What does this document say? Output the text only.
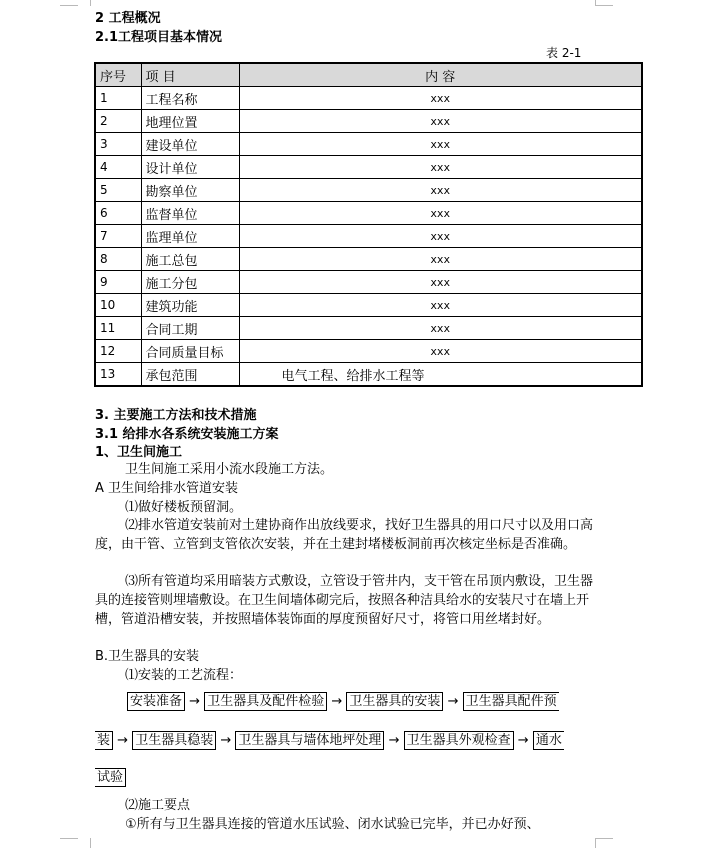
2 工程概况
2.1工程项目基本情况
表 2-1
序号	项 目	内 容
1	工程名称	xxx
2	地理位置	xxx
3	建设单位	xxx
4	设计单位	xxx
5	勘察单位	xxx
6	监督单位	xxx
7	监理单位	xxx
8	施工总包	xxx
9	施工分包	xxx
10	建筑功能	xxx
11	合同工期	xxx
12	合同质量目标	xxx
13	承包范围	电气工程、给排水工程等
3. 主要施工方法和技术措施
3.1 给排水各系统安装施工方案
1、卫生间施工
卫生间施工采用小流水段施工方法。
A 卫生间给排水管道安装
⑴做好楼板预留洞。
⑵排水管道安装前对土建协商作出放线要求，找好卫生器具的用口尺寸以及用口高度，由干管、立管到支管依次安装，并在土建封堵楼板洞前再次核定坐标是否准确。
⑶所有管道均采用暗装方式敷设，立管设于管井内，支干管在吊顶内敷设，卫生器具的连接管则埋墙敷设。在卫生间墙体砌完后，按照各种洁具给水的安装尺寸在墙上开槽，管道沿槽安装，并按照墙体装饰面的厚度预留好尺寸，将管口用丝堵封好。
B.卫生器具的安装
⑴安装的工艺流程：
安装准备 → 卫生器具及配件检验 → 卫生器具的安装 → 卫生器具配件预
装 → 卫生器具稳装 → 卫生器具与墙体地坪处理 → 卫生器具外观检查 → 通水
试验
⑵施工要点
①所有与卫生器具连接的管道水压试验、闭水试验已完毕，并已办好预、
